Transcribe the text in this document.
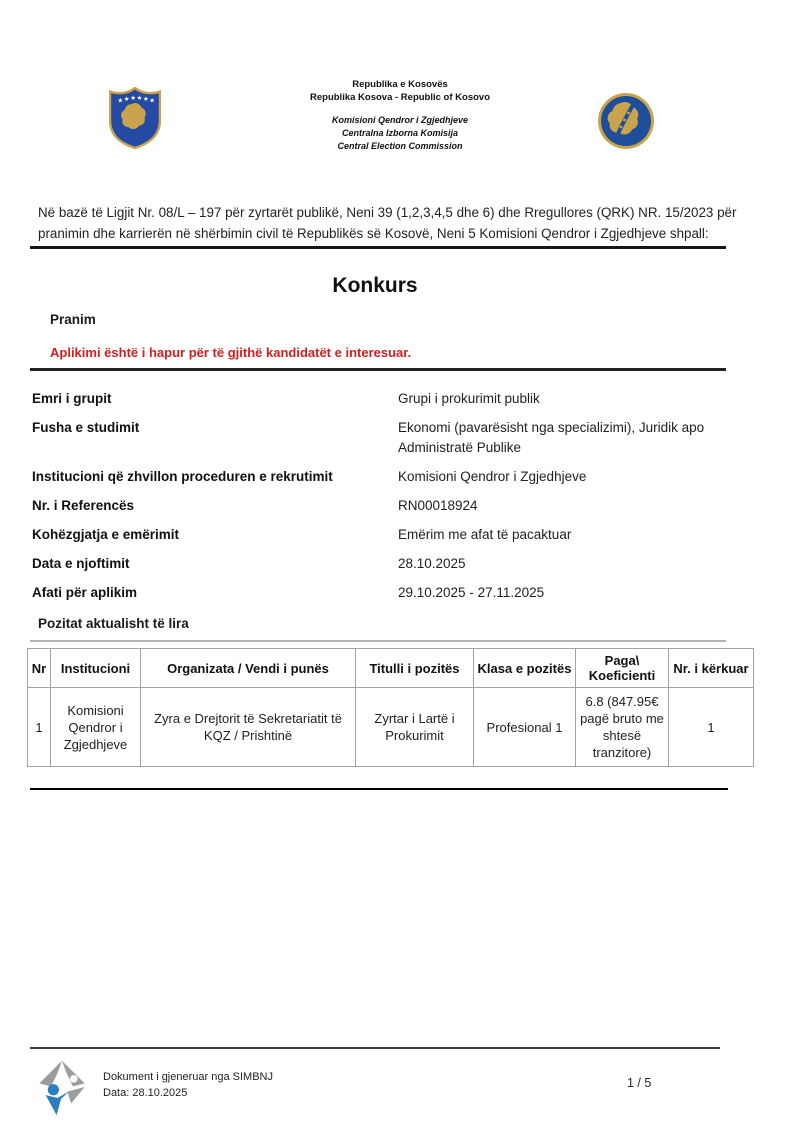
★ ★ ★ ★ ★ ★
Republika e Kosovës
Republika Kosova - Republic of Kosovo
Komisioni Qendror i Zgjedhjeve
Centralna Izborna Komisija
Central Election Commission

Në bazë të Ligjit Nr. 08/L – 197 për zyrtarët publikë, Neni 39 (1,2,3,4,5 dhe 6) dhe Rregullores (QRK) NR. 15/2023 për pranimin dhe karrierën në shërbimin civil të Republikës së Kosovë, Neni 5 Komisioni Qendror i Zgjedhjeve shpall:

Konkurs
Pranim
Aplikimi është i hapur për të gjithë kandidatët e interesuar.
Emri i grupit	Grupi i prokurimit publik
Fusha e studimit	Ekonomi (pavarësisht nga specializimi), Juridik apo Administratë Publike
Institucioni që zhvillon proceduren e rekrutimit	Komisioni Qendror i Zgjedhjeve
Nr. i Referencës	RN00018924
Kohëzgjatja e emërimit	Emërim me afat të pacaktuar
Data e njoftimit	28.10.2025
Afati për aplikim	29.10.2025 - 27.11.2025
Pozitat aktualisht të lira
Nr	Institucioni	Organizata / Vendi i punës	Titulli i pozitës	Klasa e pozitës	Paga\ Koeficienti	Nr. i kërkuar
1	Komisioni Qendror i Zgjedhjeve	Zyra e Drejtorit të Sekretariatit të KQZ / Prishtinë	Zyrtar i Lartë i Prokurimit	Profesional 1	6.8 (847.95€ pagë bruto me shtesë tranzitore)	1
Dokument i gjeneruar nga SIMBNJ
Data: 28.10.2025
1 / 5
